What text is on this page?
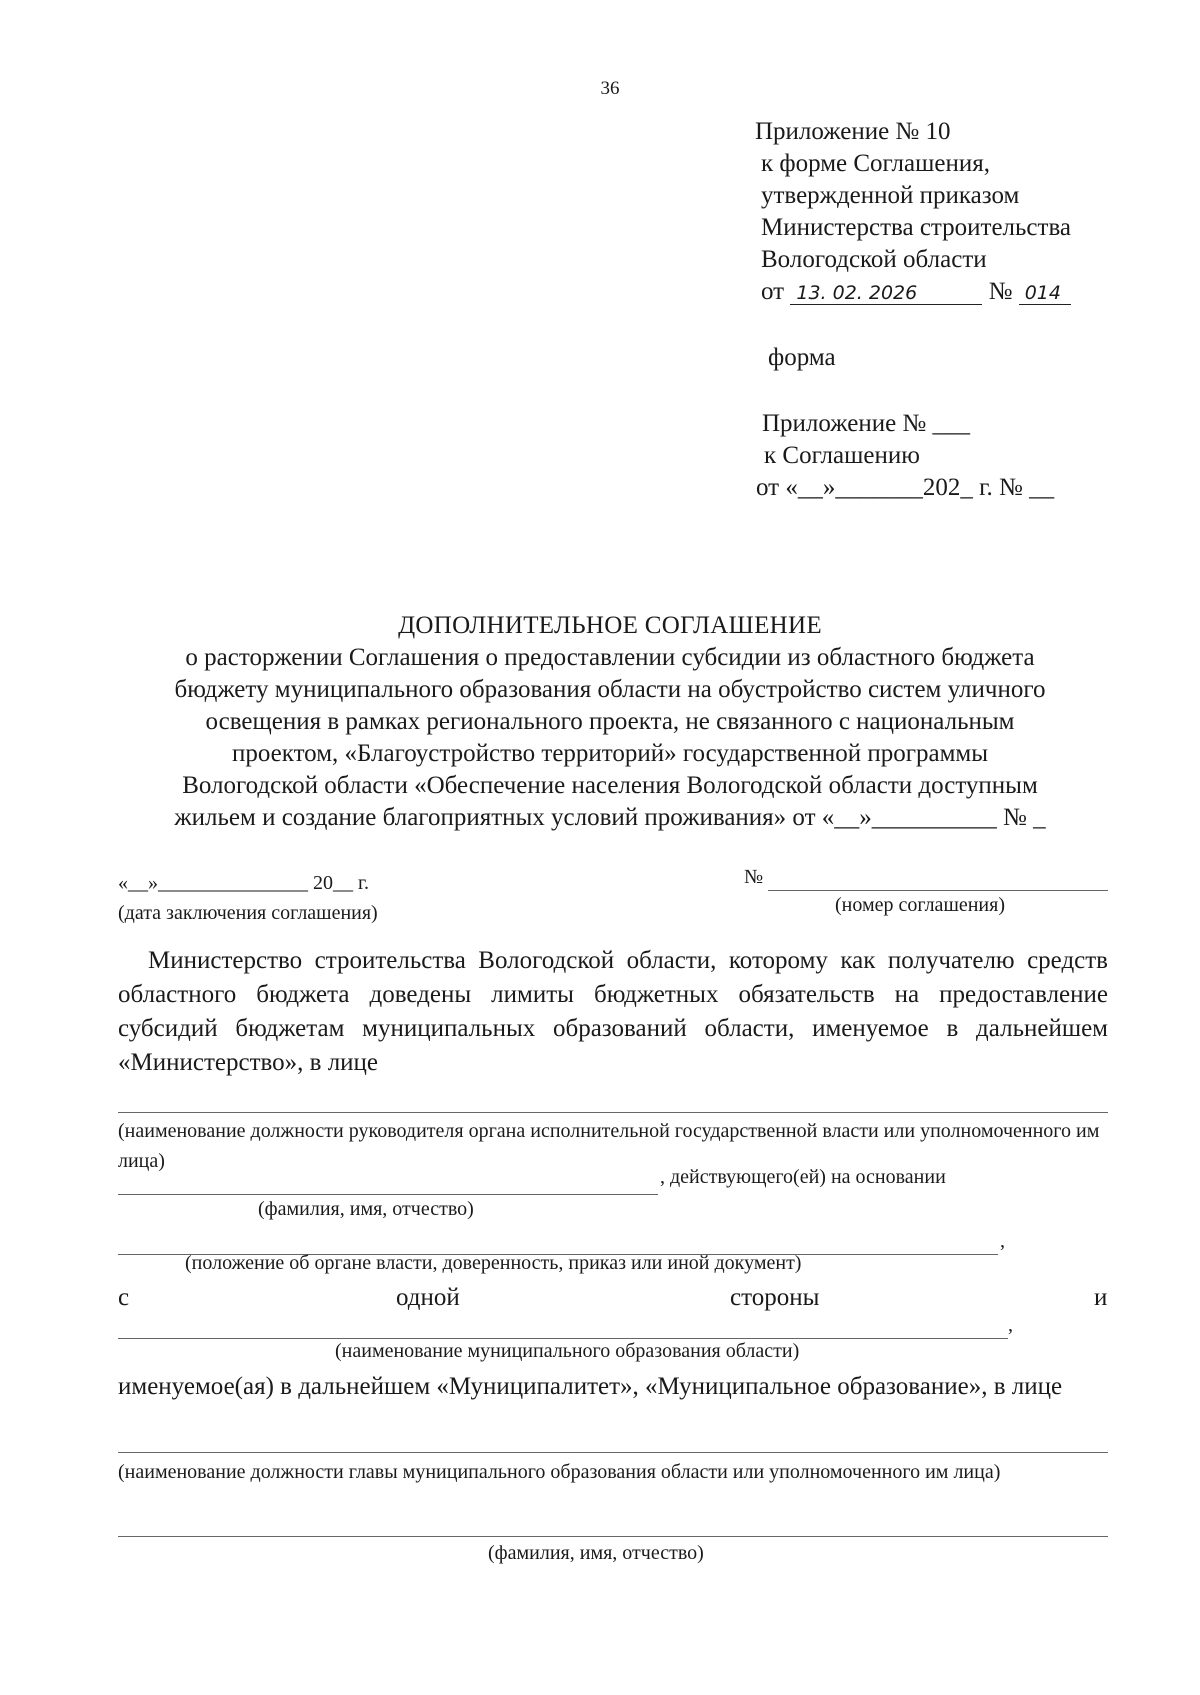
36
Приложение № 10
к форме Соглашения,
утвержденной приказом
Министерства строительства
Вологодской области
от 13. 02. 2026	№ 014
форма
Приложение № ___
к Соглашению
от «__»_______202_ г. № __
ДОПОЛНИТЕЛЬНОЕ СОГЛАШЕНИЕ
о расторжении Соглашения о предоставлении субсидии из областного бюджета
бюджету муниципального образования области на обустройство систем уличного
освещения в рамках регионального проекта, не связанного с национальным
проектом, «Благоустройство территорий» государственной программы
Вологодской области «Обеспечение населения Вологодской области доступным
жильем и создание благоприятных условий проживания» от «__»__________ № _
«__»_______________ 20__ г.
(дата заключения соглашения)
№
(номер соглашения)
Министерство строительства Вологодской области, которому как получателю средств областного бюджета доведены лимиты бюджетных обязательств на предоставление субсидий бюджетам муниципальных образований области, именуемое в дальнейшем «Министерство», в лице
(наименование должности руководителя органа исполнительной государственной власти или уполномоченного им лица)
, действующего(ей) на основании
(фамилия, имя, отчество)
,
(положение об органе власти, доверенность, приказ или иной документ)
с	одной	стороны	и
,
(наименование муниципального образования области)
именуемое(ая) в дальнейшем «Муниципалитет», «Муниципальное образование», в лице
(наименование должности главы муниципального образования области или уполномоченного им лица)
(фамилия, имя, отчество)
